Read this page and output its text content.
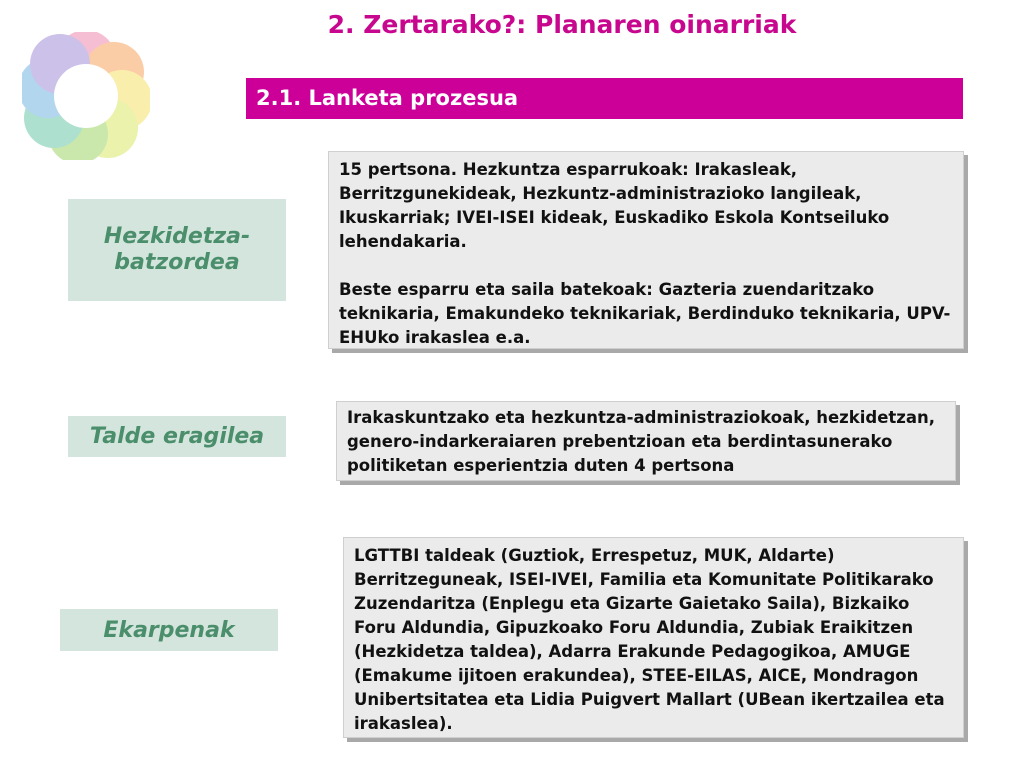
2. Zertarako?: Planaren oinarriak
2.1. Lanketa prozesua
Hezkidetza-batzordea

15 pertsona. Hezkuntza esparrukoak: Irakasleak, Berritzgunekideak, Hezkuntz-administrazioko langileak, Ikuskarriak; IVEI-ISEI kideak, Euskadiko Eskola Kontseiluko lehendakaria.

Beste esparru eta saila batekoak: Gazteria zuendaritzako teknikaria, Emakundeko teknikariak, Berdinduko teknikaria, UPV-EHUko irakaslea e.a.

Talde eragilea

Irakaskuntzako eta hezkuntza-administraziokoak, hezkidetzan, genero-indarkeraiaren prebentzioan eta berdintasunerako politiketan esperientzia duten 4 pertsona

Ekarpenak

LGTTBI taldeak (Guztiok, Errespetuz, MUK, Aldarte) Berritzeguneak, ISEI-IVEI, Familia eta Komunitate Politikarako Zuzendaritza (Enplegu eta Gizarte Gaietako Saila), Bizkaiko Foru Aldundia, Gipuzkoako Foru Aldundia, Zubiak Eraikitzen (Hezkidetza taldea), Adarra Erakunde Pedagogikoa, AMUGE (Emakume ijitoen erakundea), STEE-EILAS, AICE, Mondragon Unibertsitatea eta Lidia Puigvert Mallart (UBean ikertzailea eta irakaslea).
